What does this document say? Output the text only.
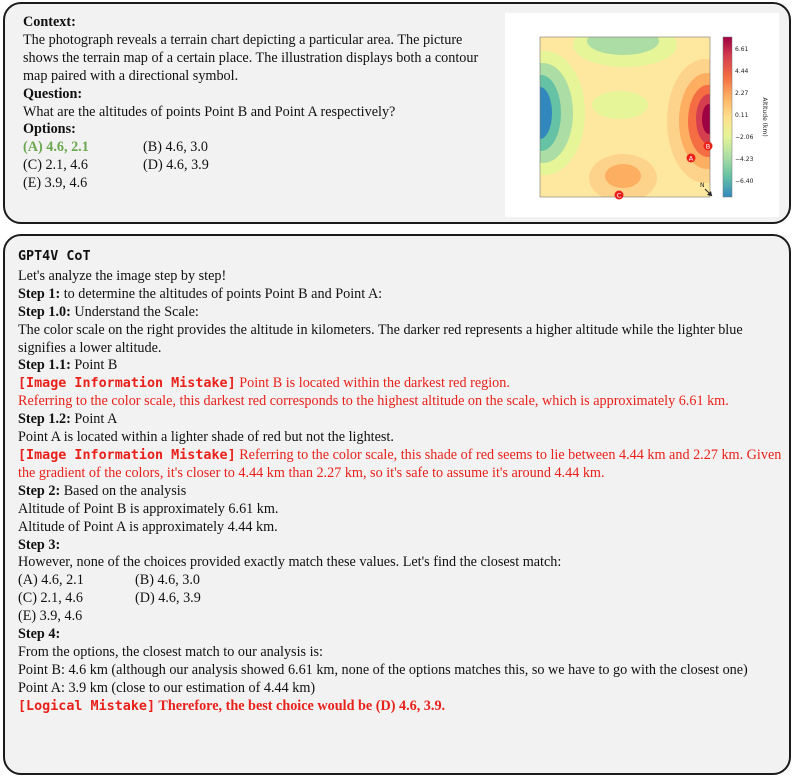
Context:
The photograph reveals a terrain chart depicting a particular area. The picture shows the terrain map of a certain place. The illustration displays both a contour map paired with a directional symbol.
Question:
What are the altitudes of points Point B and Point A respectively?
Options:
(A) 4.6, 2.1	(B) 4.6, 3.0
(C) 2.1, 4.6	(D) 4.6, 3.9
(E) 3.9, 4.6
A
B
C
N
6.61
4.44
2.27
0.11
−2.06
−4.23
−6.40
Altitude (km)
GPT4V CoT
Let's analyze the image step by step!
Step 1: to determine the altitudes of points Point B and Point A:
Step 1.0: Understand the Scale:
The color scale on the right provides the altitude in kilometers. The darker red represents a higher altitude while the lighter blue signifies a lower altitude.
Step 1.1: Point B
[Image Information Mistake] Point B is located within the darkest red region.
Referring to the color scale, this darkest red corresponds to the highest altitude on the scale, which is approximately 6.61 km.
Step 1.2: Point A
Point A is located within a lighter shade of red but not the lightest.
[Image Information Mistake] Referring to the color scale, this shade of red seems to lie between 4.44 km and 2.27 km. Given the gradient of the colors, it's closer to 4.44 km than 2.27 km, so it's safe to assume it's around 4.44 km.
Step 2: Based on the analysis
Altitude of Point B is approximately 6.61 km.
Altitude of Point A is approximately 4.44 km.
Step 3:
However, none of the choices provided exactly match these values. Let's find the closest match:
(A) 4.6, 2.1	(B) 4.6, 3.0
(C) 2.1, 4.6	(D) 4.6, 3.9
(E) 3.9, 4.6
Step 4:
From the options, the closest match to our analysis is:
Point B: 4.6 km (although our analysis showed 6.61 km, none of the options matches this, so we have to go with the closest one)
Point A: 3.9 km (close to our estimation of 4.44 km)
[Logical Mistake] Therefore, the best choice would be (D) 4.6, 3.9.
